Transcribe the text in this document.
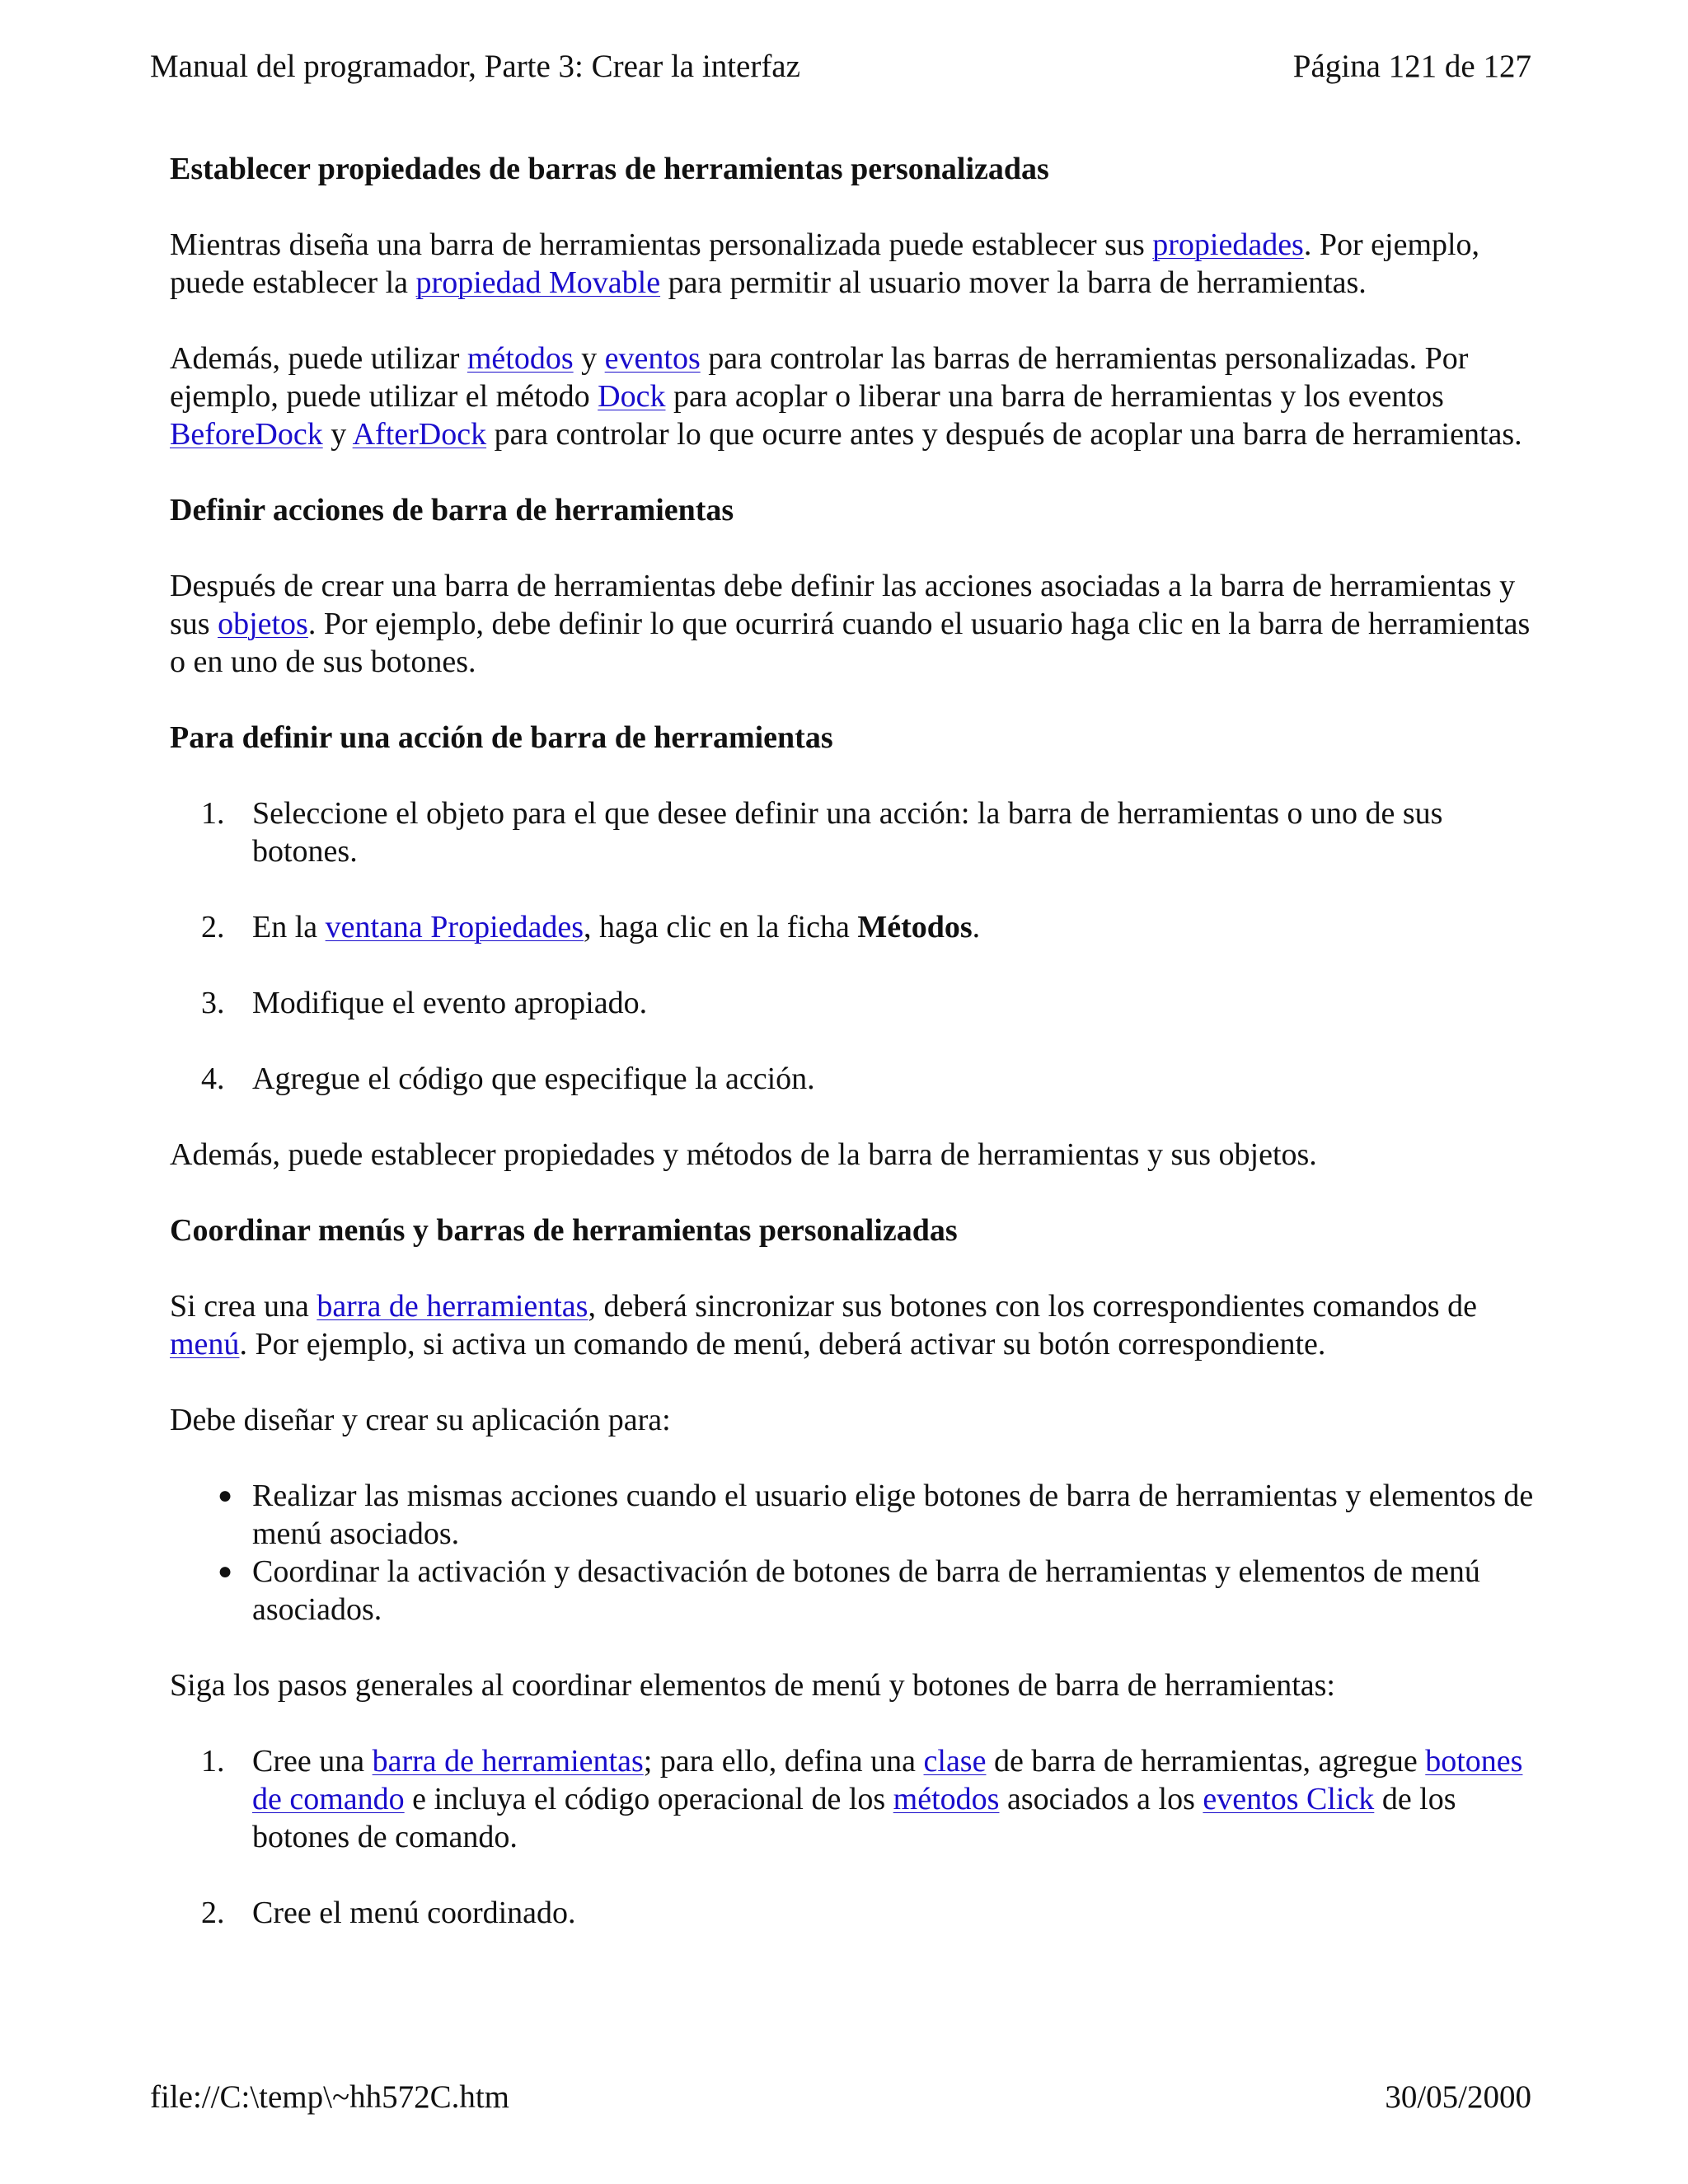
Manual del programador, Parte 3: Crear la interfaz	Página 121 de 127
Establecer propiedades de barras de herramientas personalizadas

Mientras diseña una barra de herramientas personalizada puede establecer sus propiedades. Por ejemplo, puede establecer la propiedad Movable para permitir al usuario mover la barra de herramientas.

Además, puede utilizar métodos y eventos para controlar las barras de herramientas personalizadas. Por ejemplo, puede utilizar el método Dock para acoplar o liberar una barra de herramientas y los eventos BeforeDock y AfterDock para controlar lo que ocurre antes y después de acoplar una barra de herramientas.

Definir acciones de barra de herramientas

Después de crear una barra de herramientas debe definir las acciones asociadas a la barra de herramientas y sus objetos. Por ejemplo, debe definir lo que ocurrirá cuando el usuario haga clic en la barra de herramientas o en uno de sus botones.

Para definir una acción de barra de herramientas
1. Seleccione el objeto para el que desee definir una acción: la barra de herramientas o uno de sus botones.
2. En la ventana Propiedades, haga clic en la ficha Métodos.
3. Modifique el evento apropiado.
4. Agregue el código que especifique la acción.

Además, puede establecer propiedades y métodos de la barra de herramientas y sus objetos.

Coordinar menús y barras de herramientas personalizadas

Si crea una barra de herramientas, deberá sincronizar sus botones con los correspondientes comandos de menú. Por ejemplo, si activa un comando de menú, deberá activar su botón correspondiente.

Debe diseñar y crear su aplicación para:

● Realizar las mismas acciones cuando el usuario elige botones de barra de herramientas y elementos de menú asociados.
● Coordinar la activación y desactivación de botones de barra de herramientas y elementos de menú asociados.

Siga los pasos generales al coordinar elementos de menú y botones de barra de herramientas:

1. Cree una barra de herramientas; para ello, defina una clase de barra de herramientas, agregue botones de comando e incluya el código operacional de los métodos asociados a los eventos Click de los botones de comando.
2. Cree el menú coordinado.
file://C:\temp\~hh572C.htm	30/05/2000
